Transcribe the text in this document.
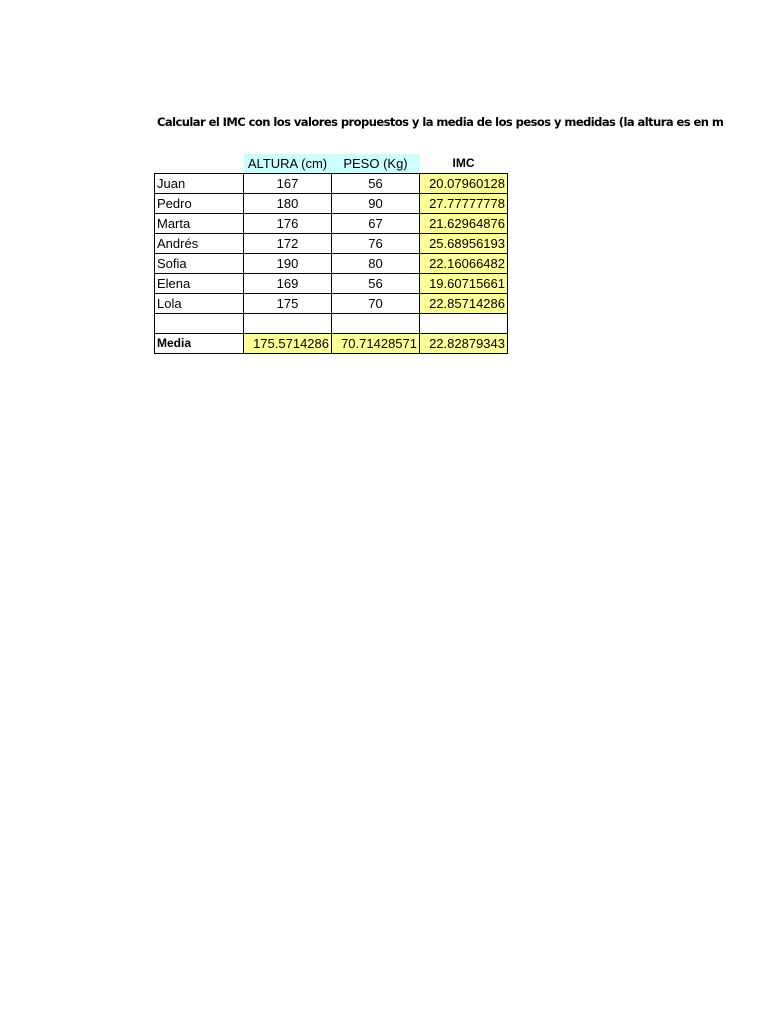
Calcular el IMC con los valores propuestos y la media de los pesos y medidas (la altura es en m
	ALTURA (cm)	PESO (Kg)	IMC
Juan	167	56	20.07960128
Pedro	180	90	27.77777778
Marta	176	67	21.62964876
Andrés	172	76	25.68956193
Sofia	190	80	22.16066482
Elena	169	56	19.60715661
Lola	175	70	22.85714286

Media	175.5714286	70.71428571	22.82879343
